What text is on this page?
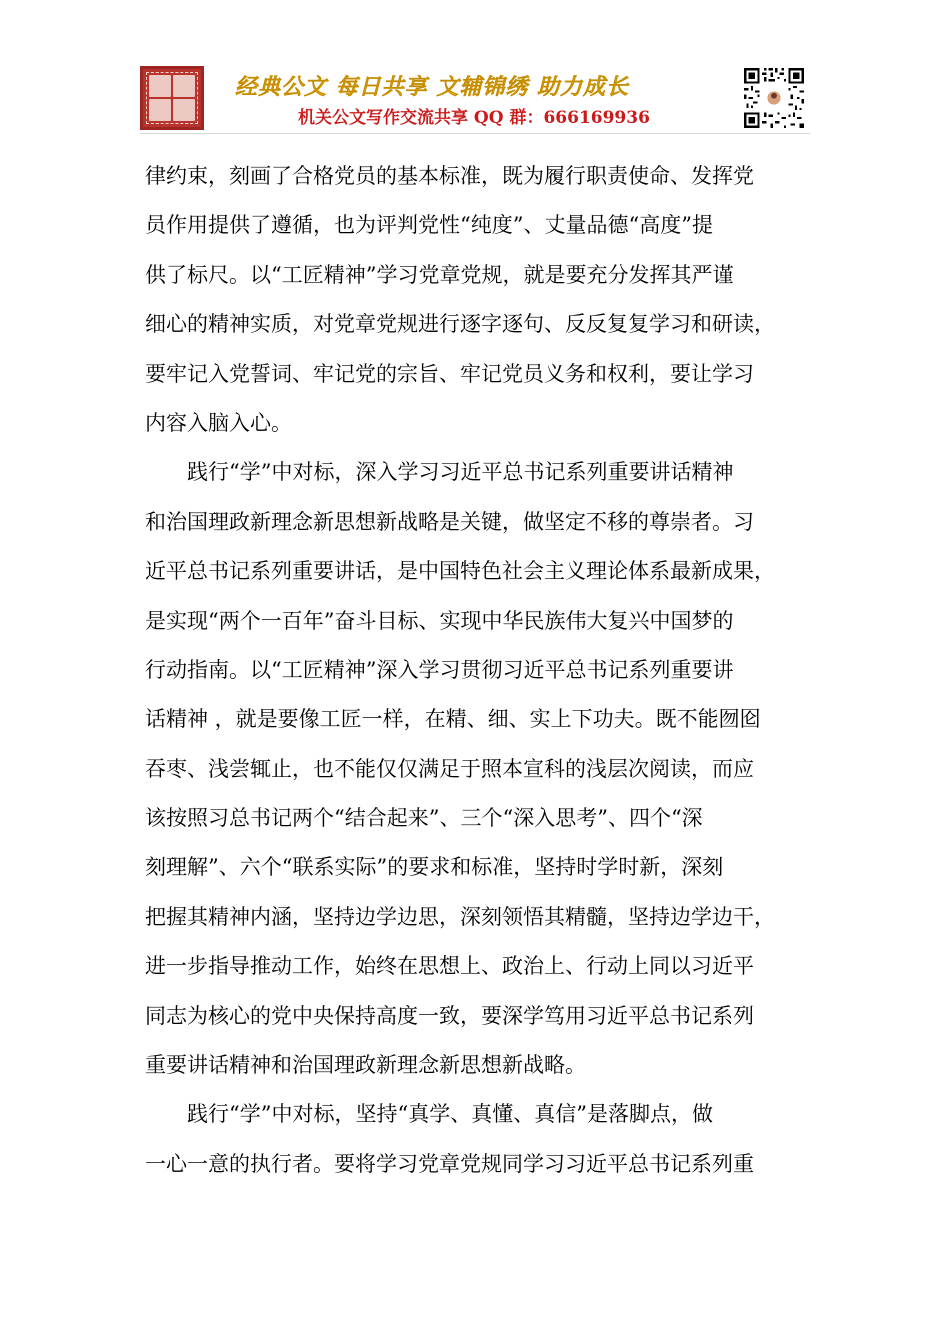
经典公文 每日共享 文辅锦绣 助力成长
机关公文写作交流共享 QQ 群：666169936
律约束，刻画了合格党员的基本标准，既为履行职责使命、发挥党
员作用提供了遵循，也为评判党性“纯度”、丈量品德“高度”提
供了标尺。以“工匠精神”学习党章党规，就是要充分发挥其严谨
细心的精神实质，对党章党规进行逐字逐句、反反复复学习和研读，
要牢记入党誓词、牢记党的宗旨、牢记党员义务和权利，要让学习
内容入脑入心。
　　践行“学”中对标，深入学习习近平总书记系列重要讲话精神
和治国理政新理念新思想新战略是关键，做坚定不移的尊崇者。习
近平总书记系列重要讲话，是中国特色社会主义理论体系最新成果，
是实现“两个一百年”奋斗目标、实现中华民族伟大复兴中国梦的
行动指南。以“工匠精神”深入学习贯彻习近平总书记系列重要讲
话精神 ，就是要像工匠一样，在精、细、实上下功夫。既不能囫囵
吞枣、浅尝辄止，也不能仅仅满足于照本宣科的浅层次阅读，而应
该按照习总书记两个“结合起来”、三个“深入思考”、四个“深
刻理解”、六个“联系实际”的要求和标准，坚持时学时新，深刻
把握其精神内涵，坚持边学边思，深刻领悟其精髓，坚持边学边干，
进一步指导推动工作，始终在思想上、政治上、行动上同以习近平
同志为核心的党中央保持高度一致，要深学笃用习近平总书记系列
重要讲话精神和治国理政新理念新思想新战略。
　　践行“学”中对标，坚持“真学、真懂、真信”是落脚点，做
一心一意的执行者。要将学习党章党规同学习习近平总书记系列重
